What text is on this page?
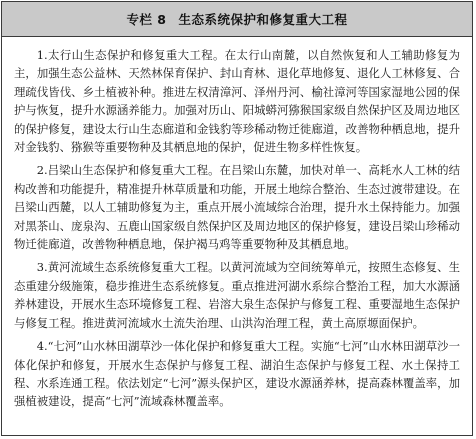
专栏 8 生态系统保护和修复重大工程

1.太行山生态保护和修复重大工程。在太行山南麓，以自然恢复和人工辅助修复为主，加强生态公益林、天然林保育保护、封山育林、退化草地修复、退化人工林修复、合理疏伐皆伐、乡土植被补种。推进左权清漳河、泽州丹河、榆社漳河等国家湿地公园的保护与恢复，提升水源涵养能力。加强对历山、阳城蟒河猕猴国家级自然保护区及周边地区的保护修复，建设太行山生态廊道和金钱豹等珍稀动物迁徙廊道，改善物种栖息地，提升对金钱豹、猕猴等重要物种及其栖息地的保护，促进生物多样性恢复。

2.吕梁山生态保护和修复重大工程。在吕梁山东麓，加快对单一、高耗水人工林的结构改善和功能提升，精准提升林草质量和功能，开展土地综合整治、生态过渡带建设。在吕梁山西麓，以人工辅助修复为主，重点开展小流域综合治理，提升水土保持能力。加强对黑茶山、庞泉沟、五鹿山国家级自然保护区及周边地区的保护修复，建设吕梁山珍稀动物迁徙廊道，改善物种栖息地，保护褐马鸡等重要物种及其栖息地。

3.黄河流域生态系统修复重大工程。以黄河流域为空间统筹单元，按照生态修复、生态重建分级施策，稳步推进生态系统修复。重点推进河湖水系综合整治工程，加大水源涵养林建设，开展水生态环境修复工程、岩溶大泉生态保护与修复工程、重要湿地生态保护与修复工程。推进黄河流域水土流失治理、山洪沟治理工程，黄土高原塬面保护。

4.“七河”山水林田湖草沙一体化保护和修复重大工程。实施“七河”山水林田湖草沙一体化保护和修复，开展水生态保护与修复工程、湖泊生态保护与修复工程、水土保持工程、水系连通工程。依法划定“七河”源头保护区，建设水源涵养林，提高森林覆盖率，加强植被建设，提高“七河”流域森林覆盖率。
